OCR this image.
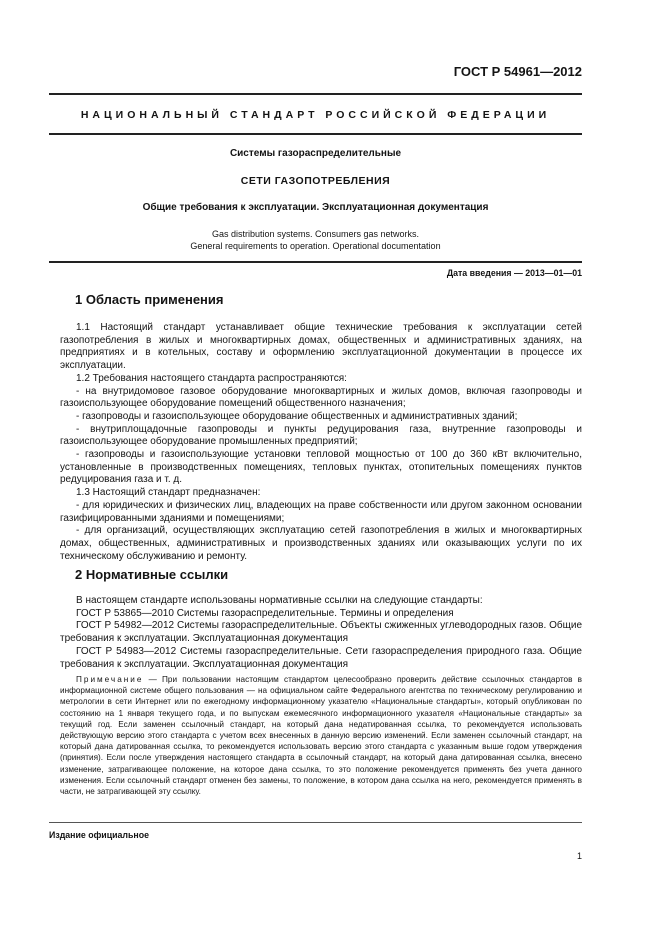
ГОСТ Р 54961—2012
НАЦИОНАЛЬНЫЙ СТАНДАРТ РОССИЙСКОЙ ФЕДЕРАЦИИ
Системы газораспределительные
СЕТИ ГАЗОПОТРЕБЛЕНИЯ
Общие требования к эксплуатации. Эксплуатационная документация
Gas distribution systems. Consumers gas networks.
General requirements to operation. Operational documentation
Дата введения — 2013—01—01
1 Область применения

1.1 Настоящий стандарт устанавливает общие технические требования к эксплуатации сетей газопотребления в жилых и многоквартирных домах, общественных и административных зданиях, на предприятиях и в котельных, составу и оформлению эксплуатационной документации в процессе их эксплуатации.

1.2 Требования настоящего стандарта распространяются:

- на внутридомовое газовое оборудование многоквартирных и жилых домов, включая газопроводы и газоиспользующее оборудование помещений общественного назначения;

- газопроводы и газоиспользующее оборудование общественных и административных зданий;

- внутриплощадочные газопроводы и пункты редуцирования газа, внутренние газопроводы и газоиспользующее оборудование промышленных предприятий;

- газопроводы и газоиспользующие установки тепловой мощностью от 100 до 360 кВт включительно, установленные в производственных помещениях, тепловых пунктах, отопительных помещениях пунктов редуцирования газа и т. д.

1.3 Настоящий стандарт предназначен:

- для юридических и физических лиц, владеющих на праве собственности или другом законном основании газифицированными зданиями и помещениями;

- для организаций, осуществляющих эксплуатацию сетей газопотребления в жилых и многоквартирных домах, общественных, административных и производственных зданиях или оказывающих услуги по их техническому обслуживанию и ремонту.

2 Нормативные ссылки

В настоящем стандарте использованы нормативные ссылки на следующие стандарты:

ГОСТ Р 53865—2010 Системы газораспределительные. Термины и определения

ГОСТ Р 54982—2012 Системы газораспределительные. Объекты сжиженных углеводородных газов. Общие требования к эксплуатации. Эксплуатационная документация

ГОСТ Р 54983—2012 Системы газораспределительные. Сети газораспределения природного газа. Общие требования к эксплуатации. Эксплуатационная документация

Примечание — При пользовании настоящим стандартом целесообразно проверить действие ссылочных стандартов в информационной системе общего пользования — на официальном сайте Федерального агентства по техническому регулированию и метрологии в сети Интернет или по ежегодному информационному указателю «Национальные стандарты», который опубликован по состоянию на 1 января текущего года, и по выпускам ежемесячного информационного указателя «Национальные стандарты» за текущий год. Если заменен ссылочный стандарт, на который дана недатированная ссылка, то рекомендуется использовать действующую версию этого стандарта с учетом всех внесенных в данную версию изменений. Если заменен ссылочный стандарт, на который дана датированная ссылка, то рекомендуется использовать версию этого стандарта с указанным выше годом утверждения (принятия). Если после утверждения настоящего стандарта в ссылочный стандарт, на который дана датированная ссылка, внесено изменение, затрагивающее положение, на которое дана ссылка, то это положение рекомендуется применять без учета данного изменения. Если ссылочный стандарт отменен без замены, то положение, в котором дана ссылка на него, рекомендуется применять в части, не затрагивающей эту ссылку.

Издание официальное
1
